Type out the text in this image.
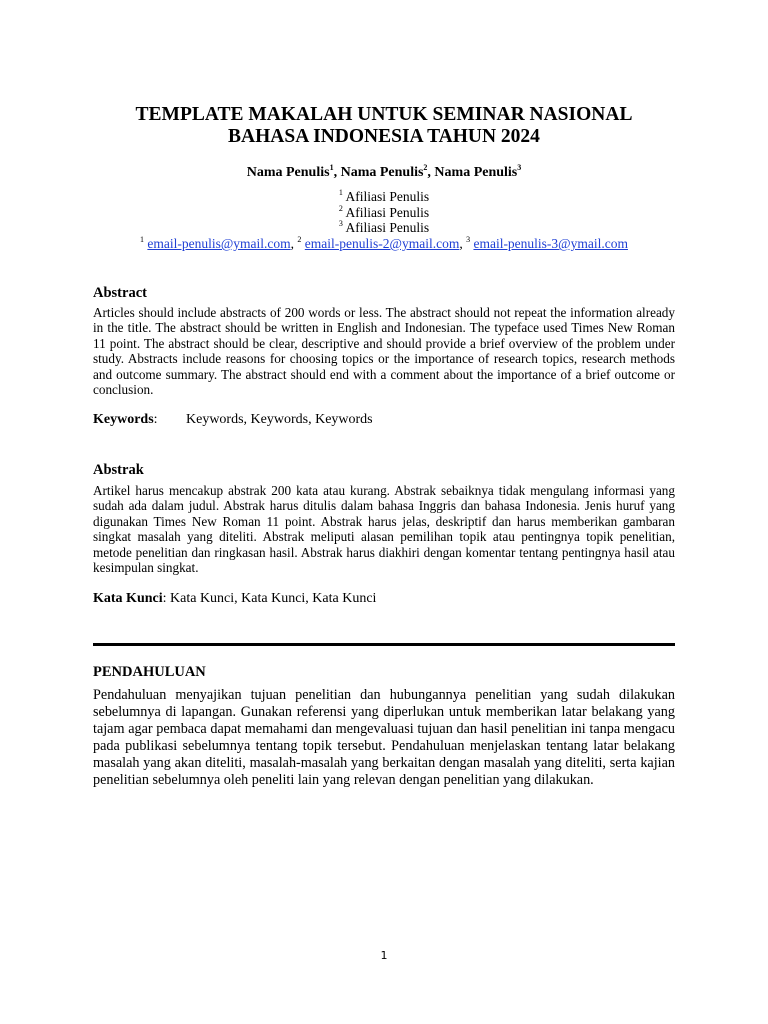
TEMPLATE MAKALAH UNTUK SEMINAR NASIONAL
BAHASA INDONESIA TAHUN 2024
Nama Penulis$^1$, Nama Penulis$^2$, Nama Penulis$^3$
$^1$ Afiliasi Penulis
$^2$ Afiliasi Penulis
$^3$ Afiliasi Penulis
$^1$ email-penulis@ymail.com, $^2$ email-penulis-2@ymail.com, $^3$ email-penulis-3@ymail.com
Abstract

Articles should include abstracts of 200 words or less. The abstract should not repeat the information already in the title. The abstract should be written in English and Indonesian. The typeface used Times New Roman 11 point. The abstract should be clear, descriptive and should provide a brief overview of the problem under study. Abstracts include reasons for choosing topics or the importance of research topics, research methods and outcome summary. The abstract should end with a comment about the importance of a brief outcome or conclusion.

Keywords: Keywords, Keywords, Keywords
Abstrak

Artikel harus mencakup abstrak 200 kata atau kurang. Abstrak sebaiknya tidak mengulang informasi yang sudah ada dalam judul. Abstrak harus ditulis dalam bahasa Inggris dan bahasa Indonesia. Jenis huruf yang digunakan Times New Roman 11 point. Abstrak harus jelas, deskriptif dan harus memberikan gambaran singkat masalah yang diteliti. Abstrak meliputi alasan pemilihan topik atau pentingnya topik penelitian, metode penelitian dan ringkasan hasil. Abstrak harus diakhiri dengan komentar tentang pentingnya hasil atau kesimpulan singkat.

Kata Kunci: Kata Kunci, Kata Kunci, Kata Kunci
PENDAHULUAN

Pendahuluan menyajikan tujuan penelitian dan hubungannya penelitian yang sudah dilakukan sebelumnya di lapangan. Gunakan referensi yang diperlukan untuk memberikan latar belakang yang tajam agar pembaca dapat memahami dan mengevaluasi tujuan dan hasil penelitian ini tanpa mengacu pada publikasi sebelumnya tentang topik tersebut. Pendahuluan menjelaskan tentang latar belakang masalah yang akan diteliti, masalah-masalah yang berkaitan dengan masalah yang diteliti, serta kajian penelitian sebelumnya oleh peneliti lain yang relevan dengan penelitian yang dilakukan.

1
